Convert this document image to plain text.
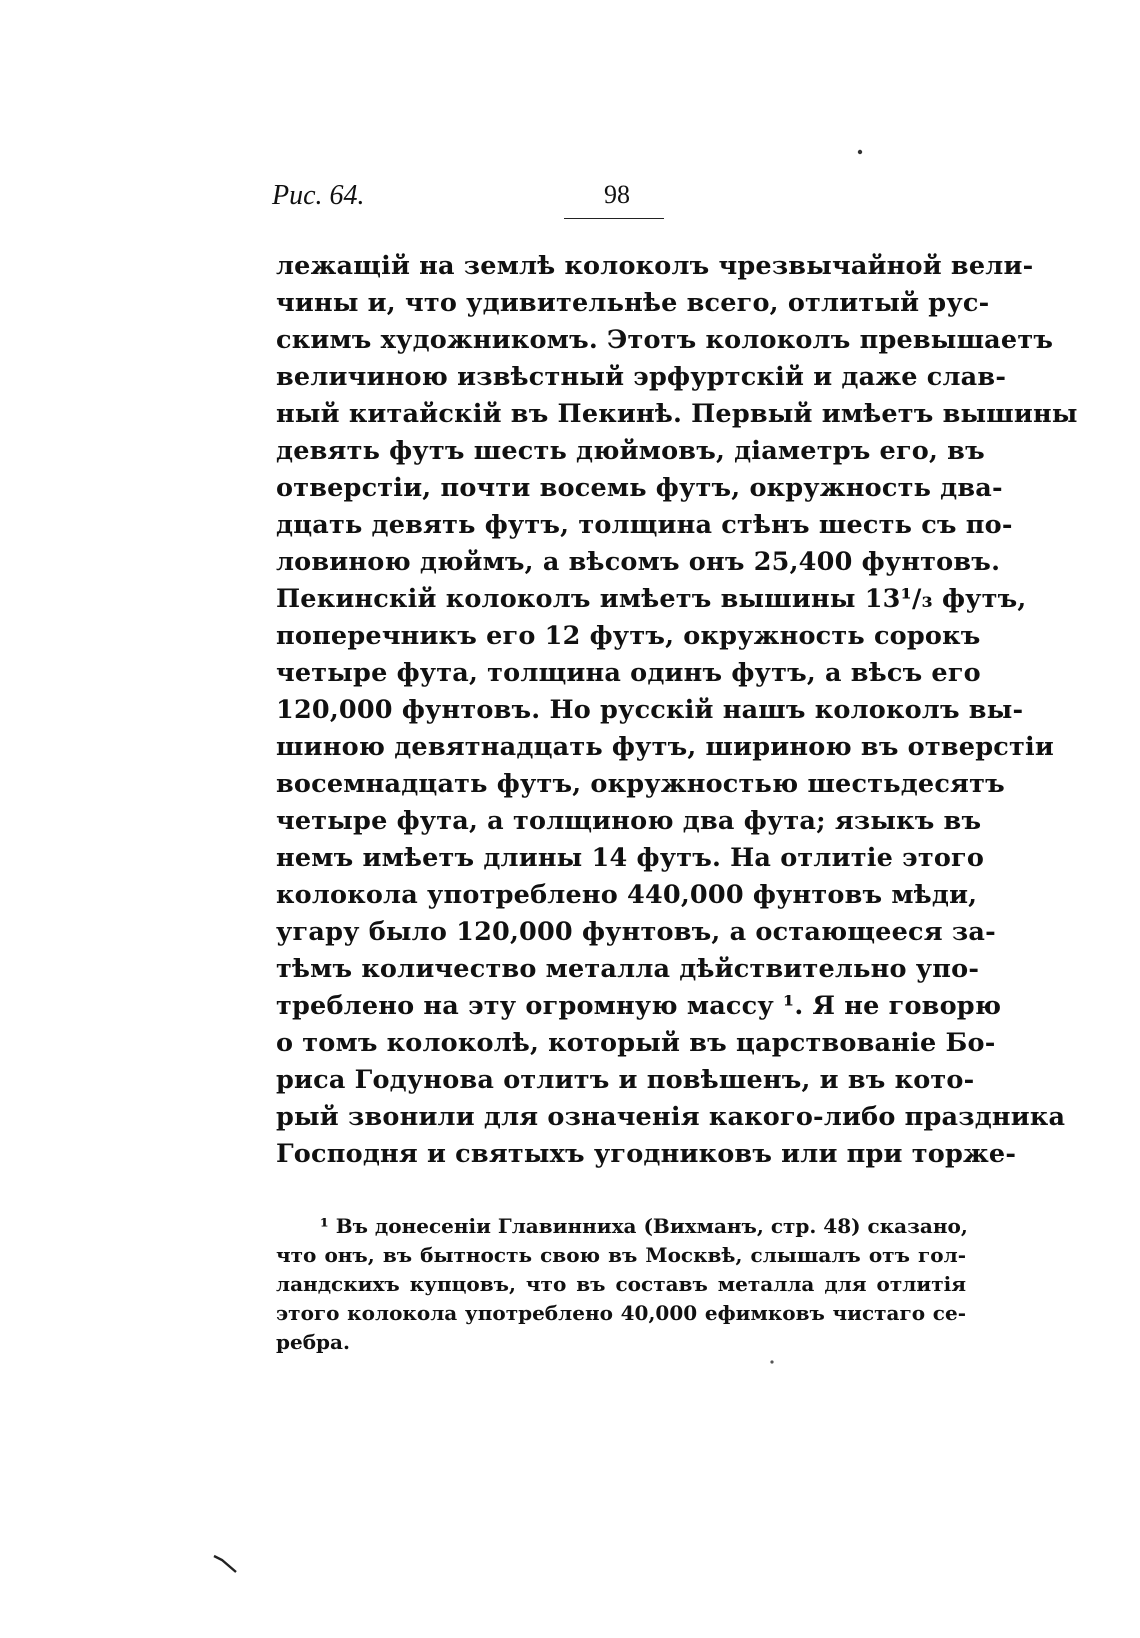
Рис. 64.	98
лежащій на землѣ колоколъ чрезвычайной вели-
чины и, что удивительнѣе всего, отлитый рус-
скимъ художникомъ. Этотъ колоколъ превышаетъ
величиною извѣстный эрфуртскій и даже слав-
ный китайскій въ Пекинѣ. Первый имѣетъ вышины
девять футъ шесть дюймовъ, діаметръ его, въ
отверстіи, почти восемь футъ, окружность два-
дцать девять футъ, толщина стѣнъ шесть съ по-
ловиною дюймъ, а вѣсомъ онъ 25,400 фунтовъ.
Пекинскій колоколъ имѣетъ вышины 13¹/₃ футъ,
поперечникъ его 12 футъ, окружность сорокъ
четыре фута, толщина одинъ футъ, а вѣсъ его
120,000 фунтовъ. Но русскій нашъ колоколъ вы-
шиною девятнадцать футъ, шириною въ отверстіи
восемнадцать футъ, окружностью шестьдесятъ
четыре фута, а толщиною два фута; языкъ въ
немъ имѣетъ длины 14 футъ. На отлитіе этого
колокола употреблено 440,000 фунтовъ мѣди,
угару было 120,000 фунтовъ, а остающееся за-
тѣмъ количество металла дѣйствительно упо-
треблено на эту огромную массу ¹. Я не говорю
о томъ колоколѣ, который въ царствованіе Бо-
риса Годунова отлитъ и повѣшенъ, и въ кото-
рый звонили для означенія какого-либо праздника
Господня и святыхъ угодниковъ или при торже-
¹ Въ донесеніи Главинниха (Вихманъ, стр. 48) сказано,
что онъ, въ бытность свою въ Москвѣ, слышалъ отъ гол-
ландскихъ купцовъ, что въ составъ металла для отлитія
этого колокола употреблено 40,000 ефимковъ чистаго се-
ребра.
